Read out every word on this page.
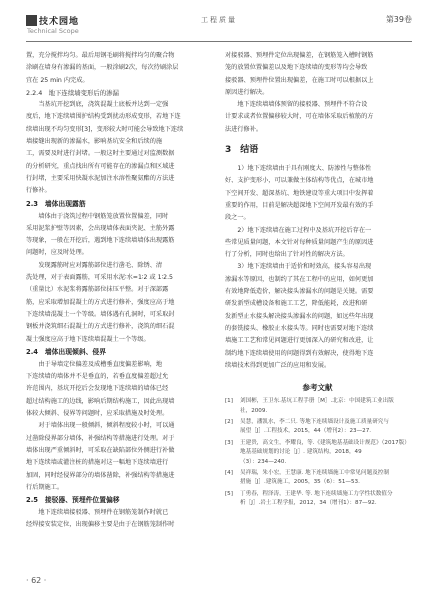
技术园地
Technical Scope
工程质量	第39卷

置，充分搅拌均匀。最后用钢毛刷将搅拌均匀的聚合物

涂刷在墙身有渗漏的基面，一般涂刷2次，每次待刷涂层

宜在 25 min 内完成。

2.2.4　地下连续墙变形后的渗漏

　　当基坑开挖到底，浇筑混凝土底板并达到一定强

度后，地下连续墙围护结构受到扰动形成变形，若地下连

续墙出现不均匀变形[3]，变形较大时可能会导致地下连续

墙接缝出现新的渗漏水，影响基坑安全和后续的施

工，需要及时进行封堵。一般这时主要通过对监测数据

的分析研究，重点找出所有可能存在的渗漏点和区域进

行封堵，主要采用快凝水泥加注水溶性聚氨酯的方法进

行修补。

2.3　墙体出现露筋

　　墙体由于浇筑过程中钢筋笼放置位置偏差，同时

采用泥浆护壁等因素，会出现墙体表面夹泥、主筋外露

等现象，一般在开挖后，遇到地下连续墙墙体出现露筋

问题时，应及时处理。

　　发现露筋时应对露筋部位进行凿毛、除锈、清

洗处理，对于表面露筋，可采用水泥∶水=1∶2 或 1∶2.5

（重量比）水泥浆将露筋部位抹压平整。对于深部露

筋，应采取增加混凝土的方式进行修补，强度应高于地

下连续墙混凝土一个等级。墙体遇有孔洞时，可采取封

钢板并浇筑细石混凝土的方式进行修补，浇筑的细石混

凝土强度应高于地下连续墙混凝土一个等级。

2.4　墙体出现倾斜、侵界

　　由于导墙定位偏差及成槽垂直度偏差影响，地

下连续墙的墙体并不是垂直的，若垂直度偏差超过允

许范围内，基坑开挖后会发现地下连续墙的墙体已经

超过结构施工的边线，影响后期结构施工，因此出现墙

体较大倾斜、侵界等问题时，应采取措施及时处理。

　　对于墙体出现一般倾斜，倾斜程度较小时，可以通

过凿除侵界部分墙体，补强结构等措施进行处理。对于

墙体出现严重倾斜时，可采取在缺陷部位外侧进行补做

地下连续墙或灌注桩的措施对这一幅地下连续墙进行

加固，同时经侵界部分的墙体凿除，补强结构等措施进

行后期施工。

2.5　接驳器、预埋件位置偏移

　　地下连续墙接驳器、预埋件在钢筋笼制作时就已

经焊接安装定位，出现偏移主要是由于在钢筋笼制作时

对接驳器、预埋件定位出现偏差，在钢筋笼入槽时钢筋

笼的放置位置偏差以及地下连续墙的变形等均会导致

接驳器、预埋件位置出现偏差，在施工时可以根据以上

原因进行解决。

　　地下连续墙墙体预留的接驳器、预埋件不符合设

计要求或者位置偏移较大时，可在墙体采取后植筋的方

法进行修补。

3　结语

　　1）地下连续墙由于具有刚度大、防渗性与整体性

好、支护变形小，可以兼做主体结构等优点，在城市地

下空间开发、超深基坑、地铁建设等重大项目中发挥着

重要的作用，目前是解决超深地下空间开发最有效的手

段之一。

　　2）地下连续墙在施工过程中及基坑开挖后存在一

些常见质量问题，本文针对每种质量问题产生的原因进

行了分析，同时也给出了针对性的解决方法。

　　3）地下连续墙由于适价和时效高，接头容易出现

渗漏水等原因，也制约了其在工程中的应用，如何更加

有效地降低造价，解决接头渗漏水的问题是关键。需要

研发新型成槽设备和施工工艺，降低能耗，改进和研

发新型止水接头解决接头渗漏水的问题，如远些年出现

的套铣接头、橡胶止水接头等。同时也需要对地下连续

墙施工工艺和常见问题进行更加深入的研究和改进，让

制约地下连续墙使用的问题得到有效解决，使得地下连

续墙技术得到更加广泛的应用和发展。

参考文献
[1]	刘国彬，王卫东.基坑工程手册［M］.北京：中国建筑工业出版
社，2009.
[2]	吴慧，潘凯水，李二只. 等地下连续墙设计及施工质量研究与
展望［J］.工程技术，2015，44（增刊2）：23—27.
[3]	王建贵，高文生，李耀良，等.《建筑地基基础设计规范》（2017版）
地基基础规划的讨论［J］. 建筑结构，2018，49
（3）：234—240.
[4]	吴祥瑞，朱小宏，王慧康. 地下连续墙施工中常见问题及控制
措施［J］.建筑施工，2005，35（6）：51—53.
[5]	丁勇春，程泽涛，王建华. 等. 地下连续墙施工力学性状数值分
析［J］.岩土工程学报，2012，34（增刊1）：87—92.
· 62 ·
